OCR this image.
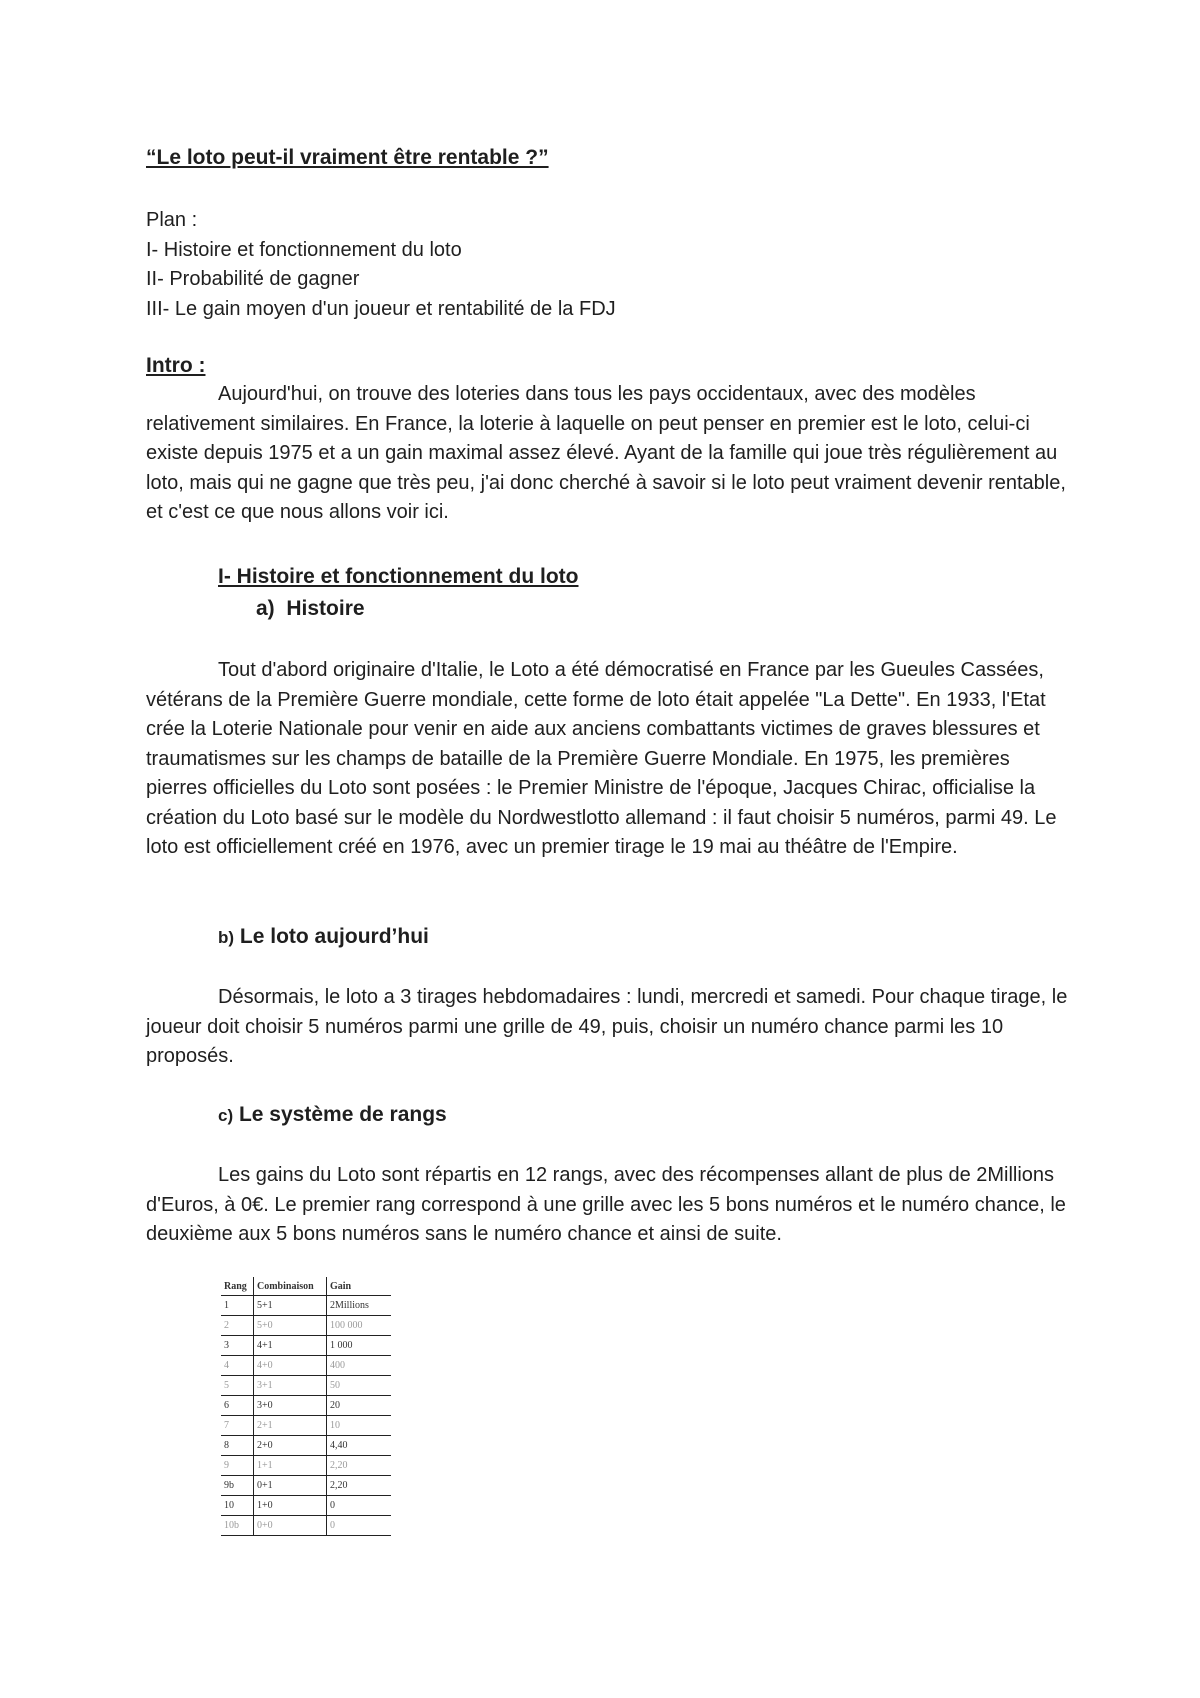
“Le loto peut-il vraiment être rentable ?”
Plan :
I- Histoire et fonctionnement du loto
II- Probabilité de gagner
III- Le gain moyen d'un joueur et rentabilité de la FDJ
Intro :

Aujourd'hui, on trouve des loteries dans tous les pays occidentaux, avec des modèles relativement similaires. En France, la loterie à laquelle on peut penser en premier est le loto, celui-ci existe depuis 1975 et a un gain maximal assez élevé. Ayant de la famille qui joue très régulièrement au loto, mais qui ne gagne que très peu, j'ai donc cherché à savoir si le loto peut vraiment devenir rentable, et c'est ce que nous allons voir ici.

I- Histoire et fonctionnement du loto
a) Histoire

Tout d'abord originaire d'Italie, le Loto a été démocratisé en France par les Gueules Cassées, vétérans de la Première Guerre mondiale, cette forme de loto était appelée "La Dette". En 1933, l'Etat crée la Loterie Nationale pour venir en aide aux anciens combattants victimes de graves blessures et traumatismes sur les champs de bataille de la Première Guerre Mondiale. En 1975, les premières pierres officielles du Loto sont posées : le Premier Ministre de l'époque, Jacques Chirac, officialise la création du Loto basé sur le modèle du Nordwestlotto allemand : il faut choisir 5 numéros, parmi 49. Le loto est officiellement créé en 1976, avec un premier tirage le 19 mai au théâtre de l'Empire.

b) Le loto aujourd’hui

Désormais, le loto a 3 tirages hebdomadaires : lundi, mercredi et samedi. Pour chaque tirage, le joueur doit choisir 5 numéros parmi une grille de 49, puis, choisir un numéro chance parmi les 10 proposés.

c) Le système de rangs

Les gains du Loto sont répartis en 12 rangs, avec des récompenses allant de plus de 2Millions d'Euros, à 0€. Le premier rang correspond à une grille avec les 5 bons numéros et le numéro chance, le deuxième aux 5 bons numéros sans le numéro chance et ainsi de suite.

Rang	Combinaison	Gain
1	5+1	2Millions
2	5+0	100 000
3	4+1	1 000
4	4+0	400
5	3+1	50
6	3+0	20
7	2+1	10
8	2+0	4,40
9	1+1	2,20
9b	0+1	2,20
10	1+0	0
10b	0+0	0
